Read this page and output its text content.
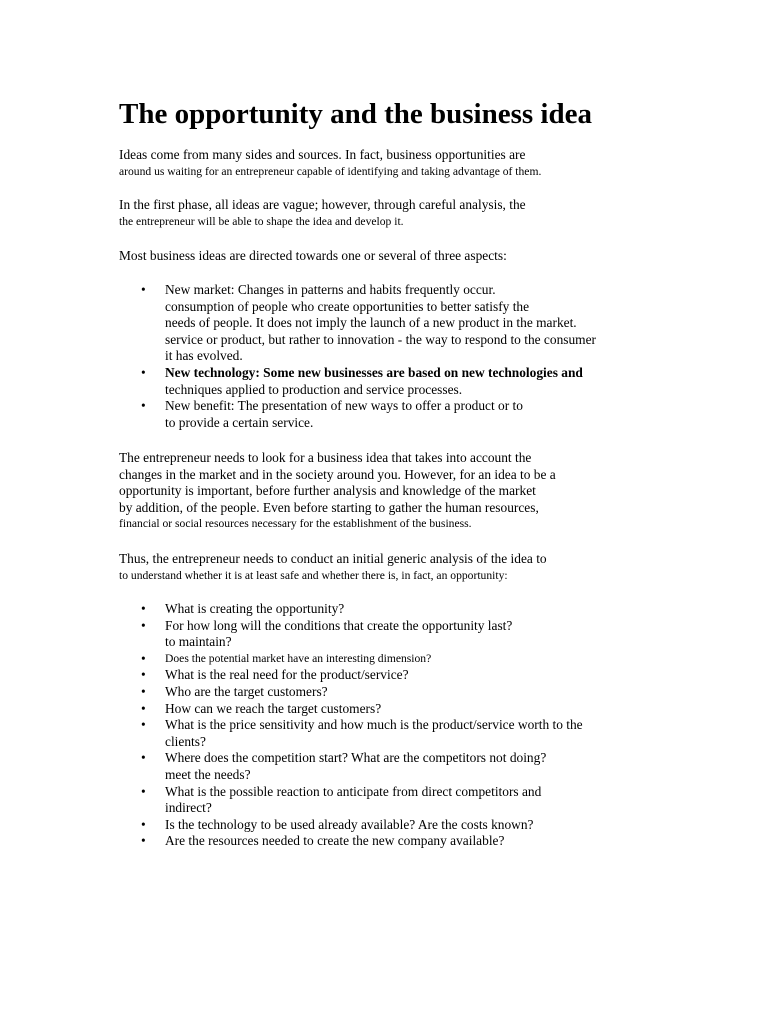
The opportunity and the business idea

Ideas come from many sides and sources. In fact, business opportunities are
around us waiting for an entrepreneur capable of identifying and taking advantage of them.

In the first phase, all ideas are vague; however, through careful analysis, the
the entrepreneur will be able to shape the idea and develop it.

Most business ideas are directed towards one or several of three aspects:

• New market: Changes in patterns and habits frequently occur.
consumption of people who create opportunities to better satisfy the
needs of people. It does not imply the launch of a new product in the market.
service or product, but rather to innovation - the way to respond to the consumer
it has evolved.
• New technology: Some new businesses are based on new technologies and
techniques applied to production and service processes.
• New benefit: The presentation of new ways to offer a product or to
to provide a certain service.

The entrepreneur needs to look for a business idea that takes into account the
changes in the market and in the society around you. However, for an idea to be a
opportunity is important, before further analysis and knowledge of the market
by addition, of the people. Even before starting to gather the human resources,
financial or social resources necessary for the establishment of the business.

Thus, the entrepreneur needs to conduct an initial generic analysis of the idea to
to understand whether it is at least safe and whether there is, in fact, an opportunity:

• What is creating the opportunity?
• For how long will the conditions that create the opportunity last?
to maintain?
• Does the potential market have an interesting dimension?
• What is the real need for the product/service?
• Who are the target customers?
• How can we reach the target customers?
• What is the price sensitivity and how much is the product/service worth to the
clients?
• Where does the competition start? What are the competitors not doing?
meet the needs?
• What is the possible reaction to anticipate from direct competitors and
indirect?
• Is the technology to be used already available? Are the costs known?
• Are the resources needed to create the new company available?
